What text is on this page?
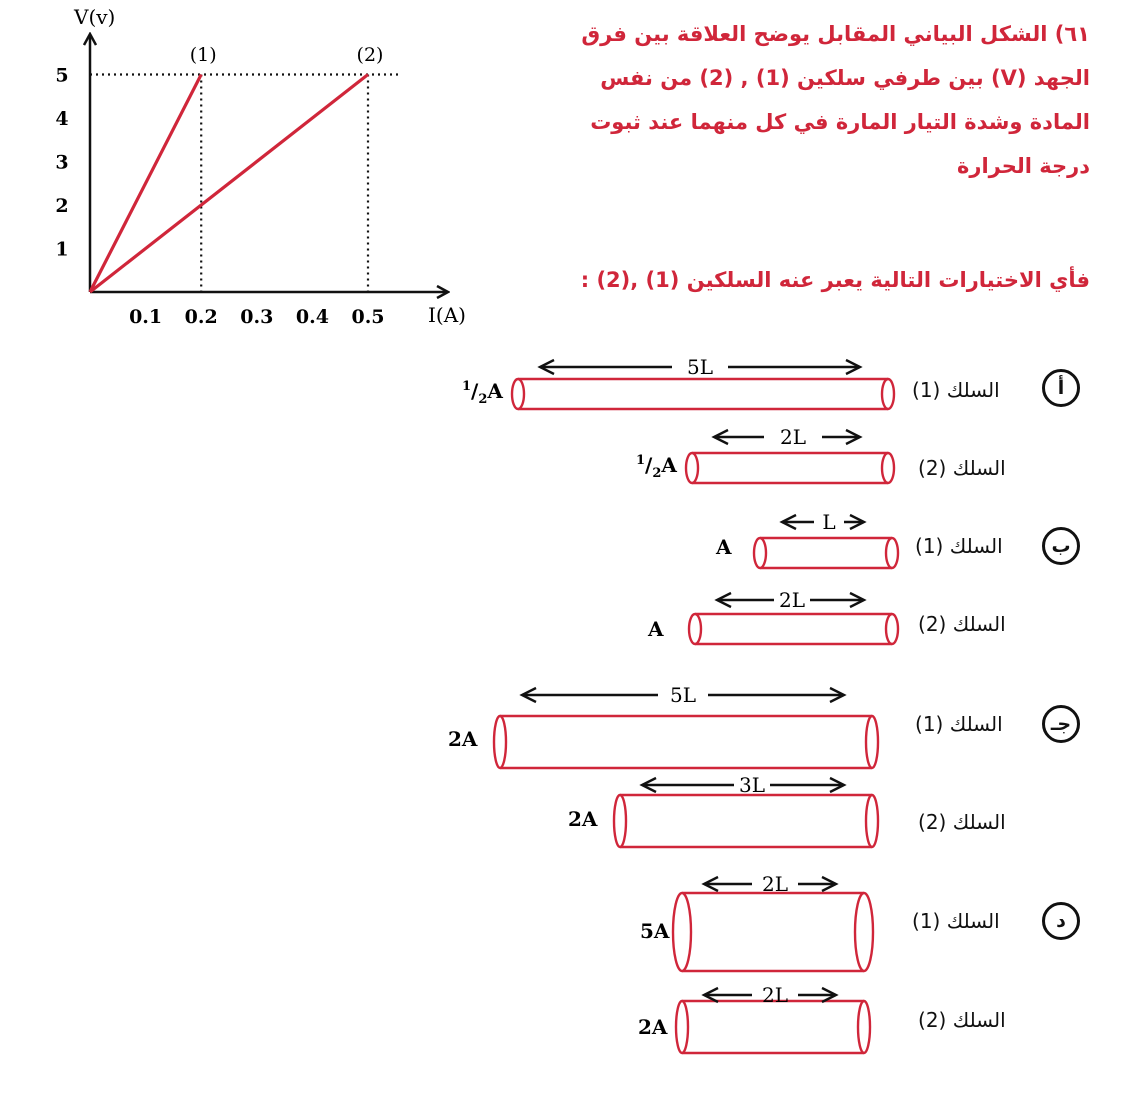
٦١) الشكل البياني المقابل يوضح العلاقة بين فرق
الجهد (V) بين طرفي سلكين (1) , (2) من نفس
المادة وشدة التيار المارة في كل منهما عند ثبوت
درجة الحرارة
فأي الاختيارات التالية يعبر عنه السلكين (1) ,(2) :
V(v)
I(A)
0.1 0.2 0.3 0.4 0.5
1
2
3
4
5
(1)	(2)
أ
السلك (1)
5L
$^1/_2A$
السلك (2)
2L
$^1/_2A$
ب
السلك (1)
L
A
السلك (2)
2L
A
جـ
السلك (1)
5L
2A
السلك (2)
3L
2A
د
السلك (1)
2L
5A
السلك (2)
2L
2A
